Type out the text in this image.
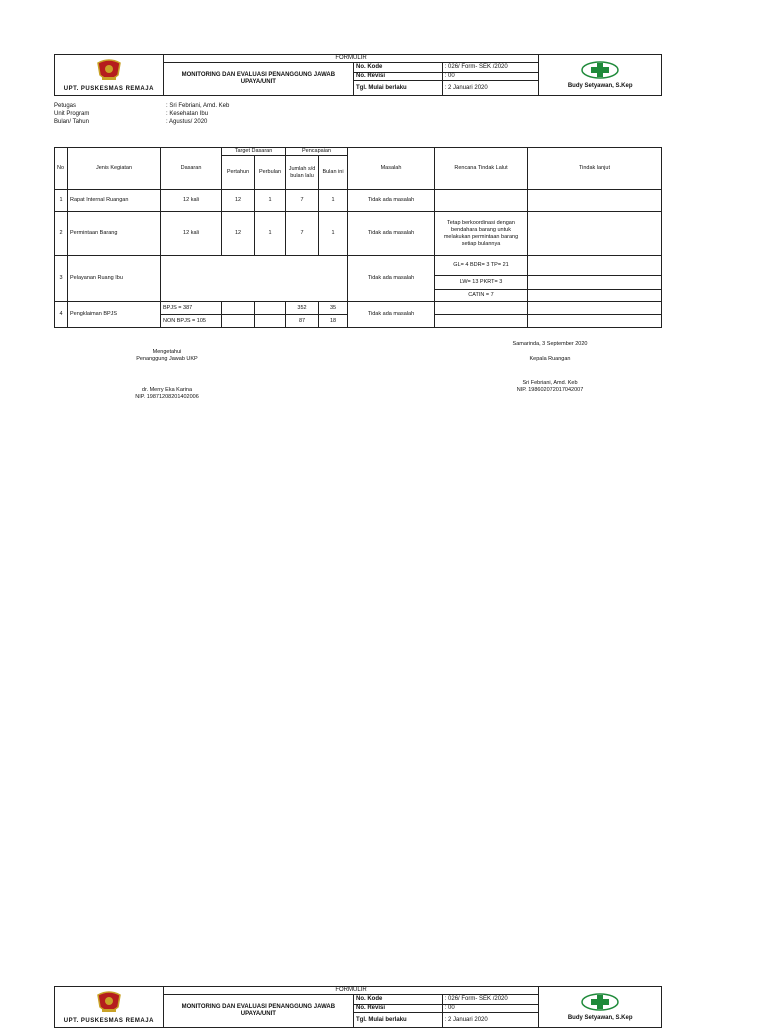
UPT. PUSKESMAS REMAJA	FORMULIR			Budy Setyawan, S.Kep

	MONITORING DAN EVALUASI PENANGGUNG JAWAB UPAYA/UNIT	No. Kode	: 026/ Form- SEK /2020	
		No. Revisi	: 00	
		Tgl. Mulai berlaku	: 2 Januari 2020	
Petugas	: Sri Febriani, Amd. Keb
Unit Program	: Kesehatan Ibu
Bulan/ Tahun	: Agustus/ 2020
No	Jenis Kegiatan	Dasaran	Target Dasaran		Pencapaian		Masalah	Rencana Tindak Lalut	Tindak lanjut
			Pertahun	Perbulan	Jumlah s/d bulan lalu	Bulan ini			
1	Rapat Internal Ruangan	12 kali	12	1	7	1	Tidak ada masalah		
2	Permintaan Barang	12 kali	12	1	7	1	Tidak ada masalah	Tetap berkoordinasi dengan bendahara barang untuk melakukan permintaan barang setiap bulannya	
3	Pelayanan Ruang Ibu						Tidak ada masalah	GL= 4 BDR= 3 TP= 21	
								LW= 13 PKRT= 3	
								CATIN = 7	
4	Pengklaiman BPJS	BPJS = 387			352	35	Tidak ada masalah		
		NON BPJS = 105			87	18			
Mengetahui
Penanggung Jawab UKP
dr. Merry Eka Karina
NIP. 19871208201402006
Samarinda, 3 September 2020
Kepala Ruangan
Sri Febriani, Amd. Keb
NIP. 198602072017042007
UPT. PUSKESMAS REMAJA	FORMULIR			Budy Setyawan, S.Kep

	MONITORING DAN EVALUASI PENANGGUNG JAWAB UPAYA/UNIT	No. Kode	: 026/ Form- SEK /2020	
		No. Revisi	: 00	
		Tgl. Mulai berlaku	: 2 Januari 2020	
